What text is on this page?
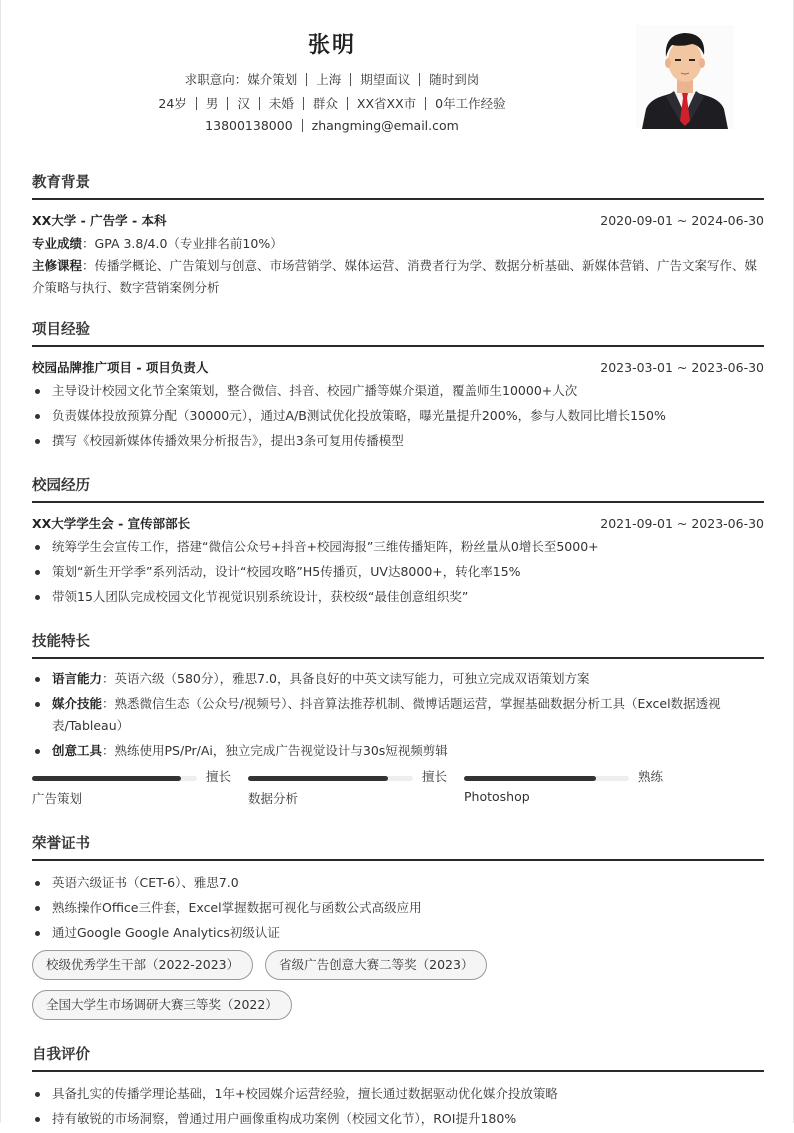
张明
求职意向：媒介策划 上海 期望面议 随时到岗
24岁 男 汉 未婚 群众 XX省XX市 0年工作经验
13800138000 zhangming@email.com
教育背景
XX大学 - 广告学 - 本科	2020-09-01 ~ 2024-06-30
专业成绩：GPA 3.8/4.0（专业排名前10%）
主修课程：传播学概论、广告策划与创意、市场营销学、媒体运营、消费者行为学、数据分析基础、新媒体营销、广告文案写作、媒介策略与执行、数字营销案例分析
项目经验
校园品牌推广项目 - 项目负责人	2023-03-01 ~ 2023-06-30
主导设计校园文化节全案策划，整合微信、抖音、校园广播等媒介渠道，覆盖师生10000+人次
负责媒体投放预算分配（30000元），通过A/B测试优化投放策略，曝光量提升200%，参与人数同比增长150%
撰写《校园新媒体传播效果分析报告》，提出3条可复用传播模型
校园经历
XX大学学生会 - 宣传部部长	2021-09-01 ~ 2023-06-30
统筹学生会宣传工作，搭建“微信公众号+抖音+校园海报”三维传播矩阵，粉丝量从0增长至5000+
策划“新生开学季”系列活动，设计“校园攻略”H5传播页，UV达8000+，转化率15%
带领15人团队完成校园文化节视觉识别系统设计，获校级“最佳创意组织奖”
技能特长
语言能力：英语六级（580分），雅思7.0，具备良好的中英文读写能力，可独立完成双语策划方案
媒介技能：熟悉微信生态（公众号/视频号）、抖音算法推荐机制、微博话题运营，掌握基础数据分析工具（Excel数据透视表/Tableau）
创意工具：熟练使用PS/Pr/Ai，独立完成广告视觉设计与30s短视频剪辑
擅长
广告策划
擅长
数据分析
熟练
Photoshop
荣誉证书
英语六级证书（CET-6）、雅思7.0
熟练操作Office三件套，Excel掌握数据可视化与函数公式高级应用
通过Google Google Analytics初级认证
校级优秀学生干部（2022-2023）	省级广告创意大赛二等奖（2023）
全国大学生市场调研大赛三等奖（2022）
自我评价
具备扎实的传播学理论基础，1年+校园媒介运营经验，擅长通过数据驱动优化媒介投放策略
持有敏锐的市场洞察，曾通过用户画像重构成功案例（校园文化节），ROI提升180%
